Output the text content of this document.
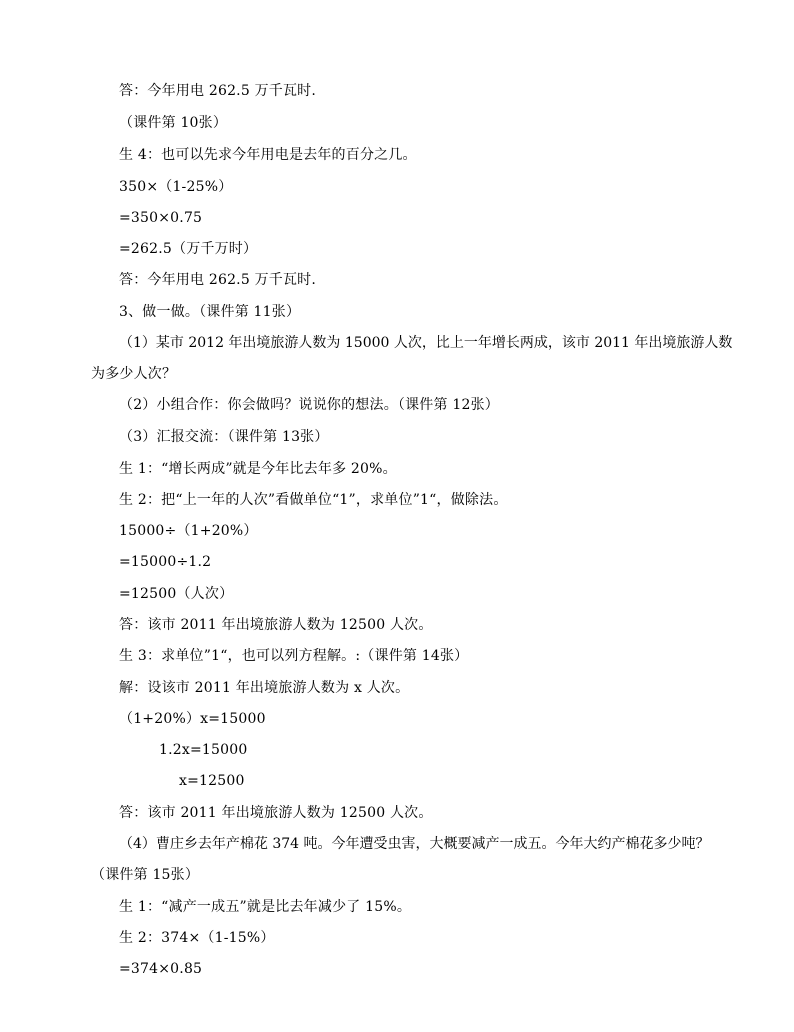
答：今年用电 262.5 万千瓦时.
（课件第 10张）
生 4：也可以先求今年用电是去年的百分之几。
350×（1-25%）
=350×0.75
=262.5（万千万时）
答：今年用电 262.5 万千瓦时.
3、做一做。（课件第 11张）
（1）某市 2012 年出境旅游人数为 15000 人次，比上一年增长两成，该市 2011 年出境旅游人数
为多少人次？
（2）小组合作：你会做吗？说说你的想法。（课件第 12张）
（3）汇报交流：（课件第 13张）
生 1：“增长两成”就是今年比去年多 20%。
生 2：把“上一年的人次”看做单位“1”，求单位”1“，做除法。
15000÷（1+20%）
=15000÷1.2
=12500（人次）
答：该市 2011 年出境旅游人数为 12500 人次。
生 3：求单位”1“，也可以列方程解。:（课件第 14张）
解：设该市 2011 年出境旅游人数为 x 人次。
（1+20%）x=15000
1.2x=15000
x=12500
答：该市 2011 年出境旅游人数为 12500 人次。
（4）曹庄乡去年产棉花 374 吨。今年遭受虫害，大概要减产一成五。今年大约产棉花多少吨？
（课件第 15张）
生 1：“减产一成五”就是比去年减少了 15%。
生 2：374×（1-15%）
=374×0.85
